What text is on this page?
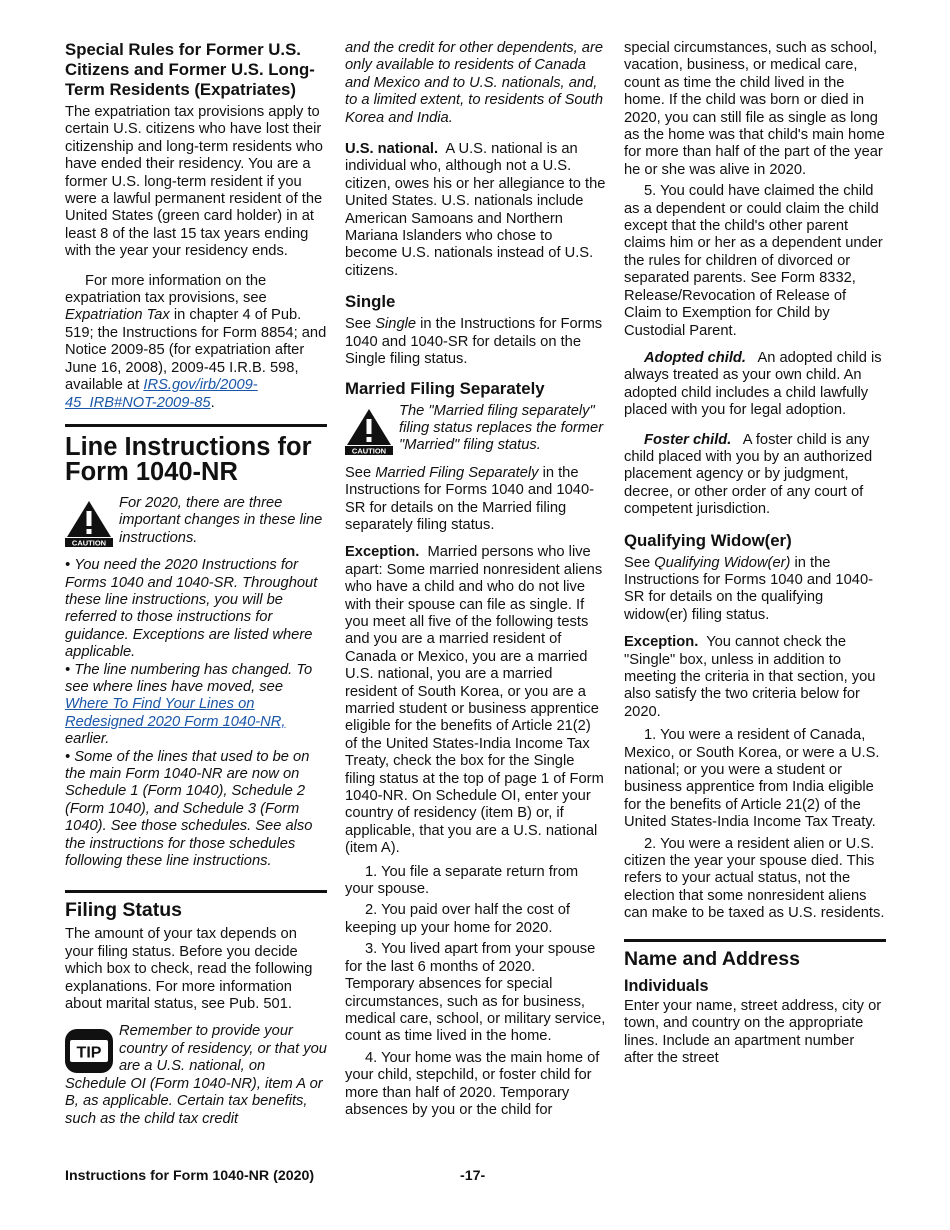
Special Rules for Former U.S. Citizens and Former U.S. Long-Term Residents (Expatriates)

The expatriation tax provisions apply to certain U.S. citizens who have lost their citizenship and long-term residents who have ended their residency. You are a former U.S. long-term resident if you were a lawful permanent resident of the United States (green card holder) in at least 8 of the last 15 tax years ending with the year your residency ends.

For more information on the expatriation tax provisions, see Expatriation Tax in chapter 4 of Pub. 519; the Instructions for Form 8854; and Notice 2009-85 (for expatriation after June 16, 2008), 2009-45 I.R.B. 598, available at IRS.gov/irb/2009-45_IRB#NOT-2009-85.

Line Instructions for Form 1040-NR
CAUTION
For 2020, there are three important changes in these line instructions.

• You need the 2020 Instructions for Forms 1040 and 1040-SR. Throughout these line instructions, you will be referred to those instructions for guidance. Exceptions are listed where applicable.

• The line numbering has changed. To see where lines have moved, see Where To Find Your Lines on Redesigned 2020 Form 1040-NR, earlier.

• Some of the lines that used to be on the main Form 1040-NR are now on Schedule 1 (Form 1040), Schedule 2 (Form 1040), and Schedule 3 (Form 1040). See those schedules. See also the instructions for those schedules following these line instructions.

Filing Status

The amount of your tax depends on your filing status. Before you decide which box to check, read the following explanations. For more information about marital status, see Pub. 501.

TIP
Remember to provide your country of residency, or that you are a U.S. national, on Schedule OI (Form 1040-NR), item A or B, as applicable. Certain tax benefits, such as the child tax credit

and the credit for other dependents, are only available to residents of Canada and Mexico and to U.S. nationals, and, to a limited extent, to residents of South Korea and India.

U.S. national. A U.S. national is an individual who, although not a U.S. citizen, owes his or her allegiance to the United States. U.S. nationals include American Samoans and Northern Mariana Islanders who chose to become U.S. nationals instead of U.S. citizens.

Single

See Single in the Instructions for Forms 1040 and 1040-SR for details on the Single filing status.

Married Filing Separately
CAUTION
The "Married filing separately" filing status replaces the former "Married" filing status.

See Married Filing Separately in the Instructions for Forms 1040 and 1040-SR for details on the Married filing separately filing status.

Exception. Married persons who live apart: Some married nonresident aliens who have a child and who do not live with their spouse can file as single. If you meet all five of the following tests and you are a married resident of Canada or Mexico, you are a married U.S. national, you are a married resident of South Korea, or you are a married student or business apprentice eligible for the benefits of Article 21(2) of the United States-India Income Tax Treaty, check the box for the Single filing status at the top of page 1 of Form 1040-NR. On Schedule OI, enter your country of residency (item B) or, if applicable, that you are a U.S. national (item A).

1. You file a separate return from your spouse.

2. You paid over half the cost of keeping up your home for 2020.

3. You lived apart from your spouse for the last 6 months of 2020. Temporary absences for special circumstances, such as for business, medical care, school, or military service, count as time lived in the home.

4. Your home was the main home of your child, stepchild, or foster child for more than half of 2020. Temporary absences by you or the child for

special circumstances, such as school, vacation, business, or medical care, count as time the child lived in the home. If the child was born or died in 2020, you can still file as single as long as the home was that child's main home for more than half of the part of the year he or she was alive in 2020.

5. You could have claimed the child as a dependent or could claim the child except that the child's other parent claims him or her as a dependent under the rules for children of divorced or separated parents. See Form 8332, Release/Revocation of Release of Claim to Exemption for Child by Custodial Parent.

Adopted child. An adopted child is always treated as your own child. An adopted child includes a child lawfully placed with you for legal adoption.

Foster child. A foster child is any child placed with you by an authorized placement agency or by judgment, decree, or other order of any court of competent jurisdiction.

Qualifying Widow(er)

See Qualifying Widow(er) in the Instructions for Forms 1040 and 1040-SR for details on the qualifying widow(er) filing status.

Exception. You cannot check the "Single" box, unless in addition to meeting the criteria in that section, you also satisfy the two criteria below for 2020.

1. You were a resident of Canada, Mexico, or South Korea, or were a U.S. national; or you were a student or business apprentice from India eligible for the benefits of Article 21(2) of the United States-India Income Tax Treaty.

2. You were a resident alien or U.S. citizen the year your spouse died. This refers to your actual status, not the election that some nonresident aliens can make to be taxed as U.S. residents.

Name and Address
Individuals

Enter your name, street address, city or town, and country on the appropriate lines. Include an apartment number after the street

Instructions for Form 1040-NR (2020)	-17-
